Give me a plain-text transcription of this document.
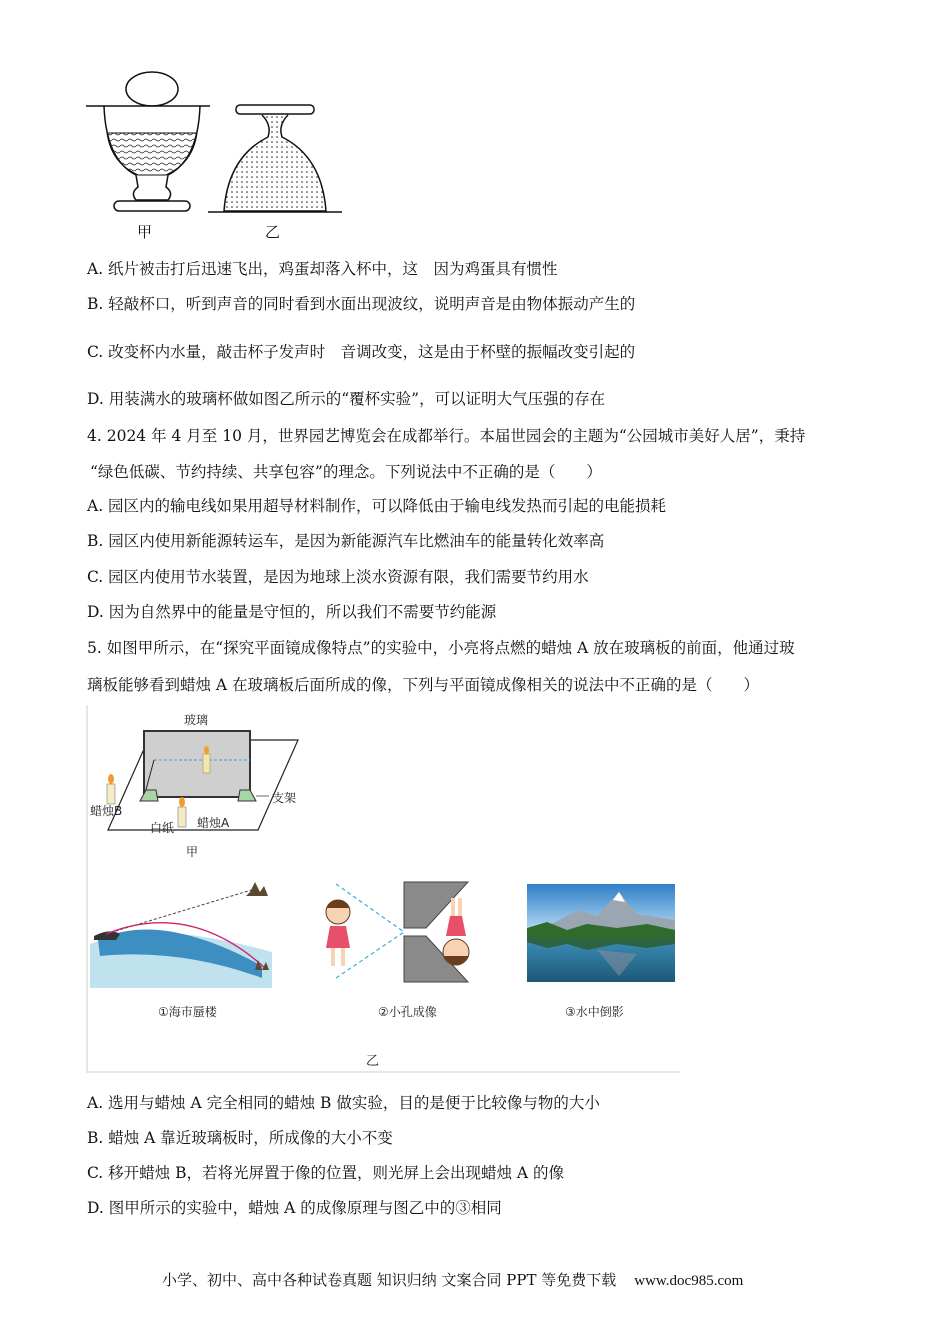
甲	乙
A. 纸片被击打后迅速飞出，鸡蛋却落入杯中，这　因为鸡蛋具有惯性
B. 轻敲杯口，听到声音的同时看到水面出现波纹，说明声音是由物体振动产生的
C. 改变杯内水量，敲击杯子发声时　音调改变，这是由于杯壁的振幅改变引起的
D. 用装满水的玻璃杯做如图乙所示的“覆杯实验”，可以证明大气压强的存在
4. 2024 年 4 月至 10 月，世界园艺博览会在成都举行。本届世园会的主题为“公园城市美好人居”，秉持
“绿色低碳、节约持续、共享包容”的理念。下列说法中不正确的是（　　）
A. 园区内的输电线如果用超导材料制作，可以降低由于输电线发热而引起的电能损耗
B. 园区内使用新能源转运车，是因为新能源汽车比燃油车的能量转化效率高
C. 园区内使用节水装置，是因为地球上淡水资源有限，我们需要节约用水
D. 因为自然界中的能量是守恒的，所以我们不需要节约能源
5. 如图甲所示，在“探究平面镜成像特点”的实验中，小亮将点燃的蜡烛 A 放在玻璃板的前面，他通过玻
璃板能够看到蜡烛 A 在玻璃板后面所成的像，下列与平面镜成像相关的说法中不正确的是（　　）
玻璃
蜡烛B
支架
白纸 蜡烛A
甲
①海市蜃楼	②小孔成像	③水中倒影
乙
A. 选用与蜡烛 A 完全相同的蜡烛 B 做实验，目的是便于比较像与物的大小
B. 蜡烛 A 靠近玻璃板时，所成像的大小不变
C. 移开蜡烛 B，若将光屏置于像的位置，则光屏上会出现蜡烛 A 的像
D. 图甲所示的实验中，蜡烛 A 的成像原理与图乙中的③相同
小学、初中、高中各种试卷真题 知识归纳 文案合同 PPT 等免费下载 www.doc985.com
